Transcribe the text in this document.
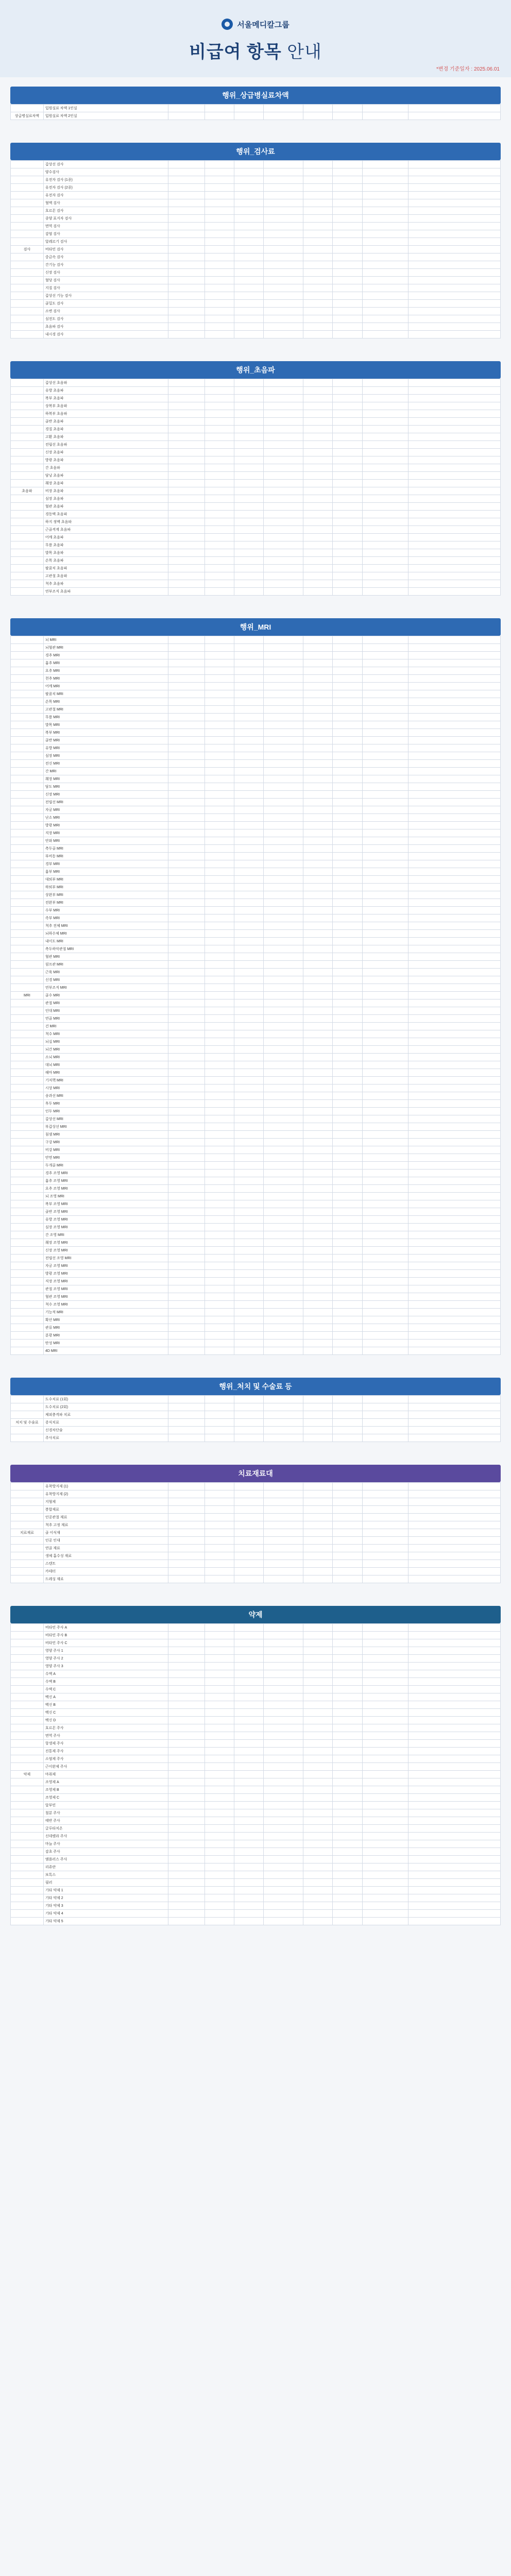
서울메디칼그룹
비급여 항목 안내
*변경 기준일자 : 2025.06.01
행위_상급병실료차액
	입원실료 차액 1인실								
상급병실료차액	입원실료 차액 2인실								
행위_검사료
	갑상선 검사								
	양수검사								
	유전자 검사 (1종)								
	유전자 검사 (2종)								
	유전자 검사								
	혈액 검사								
	호르몬 검사								
	종양 표지자 검사								
	면역 검사								
	감염 검사								
	알레르기 검사								
검사	비타민 검사								
	중금속 검사								
	간기능 검사								
	신장 검사								
	혈당 검사								
	지질 검사								
	갑상선 기능 검사								
	골밀도 검사								
	소변 검사								
	심전도 검사								
	초음파 검사								
	내시경 검사								
행위_초음파
	갑상선 초음파								
	유방 초음파								
	복부 초음파								
	상복부 초음파								
	하복부 초음파								
	골반 초음파								
	경질 초음파								
	고환 초음파								
	전립선 초음파								
	신장 초음파								
	방광 초음파								
	간 초음파								
	담낭 초음파								
	췌장 초음파								
초음파	비장 초음파								
	심장 초음파								
	혈관 초음파								
	경동맥 초음파								
	하지 정맥 초음파								
	근골격계 초음파								
	어깨 초음파								
	무릎 초음파								
	발목 초음파								
	손목 초음파								
	팔꿈치 초음파								
	고관절 초음파								
	척추 초음파								
	연부조직 초음파								
행위_MRI
	뇌 MRI								
	뇌혈관 MRI								
	경추 MRI								
	흉추 MRI								
	요추 MRI								
	천추 MRI								
	어깨 MRI								
	팔꿈치 MRI								
	손목 MRI								
	고관절 MRI								
	무릎 MRI								
	발목 MRI								
	복부 MRI								
	골반 MRI								
	유방 MRI								
	심장 MRI								
	전신 MRI								
	간 MRI								
	췌장 MRI								
	담도 MRI								
	신장 MRI								
	전립선 MRI								
	자궁 MRI								
	난소 MRI								
	방광 MRI								
	직장 MRI								
	안와 MRI								
	측두골 MRI								
	부비동 MRI								
	경부 MRI								
	흉부 MRI								
	대퇴부 MRI								
	하퇴부 MRI								
	상완부 MRI								
	전완부 MRI								
	수부 MRI								
	족부 MRI								
	척추 전체 MRI								
	뇌하수체 MRI								
	내이도 MRI								
	측두하악관절 MRI								
	혈관 MRI								
	림프관 MRI								
	근육 MRI								
	신경 MRI								
	연부조직 MRI								
MRI	골수 MRI								
	관절 MRI								
	인대 MRI								
	연골 MRI								
	건 MRI								
	척수 MRI								
	뇌실 MRI								
	뇌간 MRI								
	소뇌 MRI								
	대뇌 MRI								
	해마 MRI								
	기저핵 MRI								
	시상 MRI								
	송과선 MRI								
	후두 MRI								
	인두 MRI								
	갑상선 MRI								
	부갑상선 MRI								
	침샘 MRI								
	구강 MRI								
	비강 MRI								
	안면 MRI								
	두개골 MRI								
	경추 조영 MRI								
	흉추 조영 MRI								
	요추 조영 MRI								
	뇌 조영 MRI								
	복부 조영 MRI								
	골반 조영 MRI								
	유방 조영 MRI								
	심장 조영 MRI								
	간 조영 MRI								
	췌장 조영 MRI								
	신장 조영 MRI								
	전립선 조영 MRI								
	자궁 조영 MRI								
	방광 조영 MRI								
	직장 조영 MRI								
	관절 조영 MRI								
	혈관 조영 MRI								
	척수 조영 MRI								
	기능적 MRI								
	확산 MRI								
	관류 MRI								
	분광 MRI								
	탄성 MRI								
	4D MRI								
행위_처치 및 수술료 등
	도수치료 (1회)								
	도수치료 (2회)								
	체외충격파 치료								
처치 및 수술료	증식치료								
	신경차단술								
	주사치료								
치료재료대
	유착방지제 (1)								
	유착방지제 (2)								
	지혈제								
	봉합재료								
	인공관절 재료								
	척추 고정 재료								
치료재료	골 이식재								
	인공 인대								
	연골 재료								
	생체 흡수성 재료								
	스텐트								
	카테터								
	드레싱 재료								
약제
	비타민 주사 A								
	비타민 주사 B								
	비타민 주사 C								
	영양 주사 1								
	영양 주사 2								
	영양 주사 3								
	수액 A								
	수액 B								
	수액 C								
	백신 A								
	백신 B								
	백신 C								
	백신 D								
	호르몬 주사								
	면역 주사								
	항생제 주사								
	진통제 주사								
	소염제 주사								
	근이완제 주사								
약제	마취제								
	조영제 A								
	조영제 B								
	조영제 C								
	알부민								
	철분 주사								
	태반 주사								
	글루타치온								
	신데렐라 주사								
	마늘 주사								
	감초 주사								
	엠플러스 주사								
	리쥬란								
	보톡스								
	필러								
	기타 약제 1								
	기타 약제 2								
	기타 약제 3								
	기타 약제 4								
	기타 약제 5								
